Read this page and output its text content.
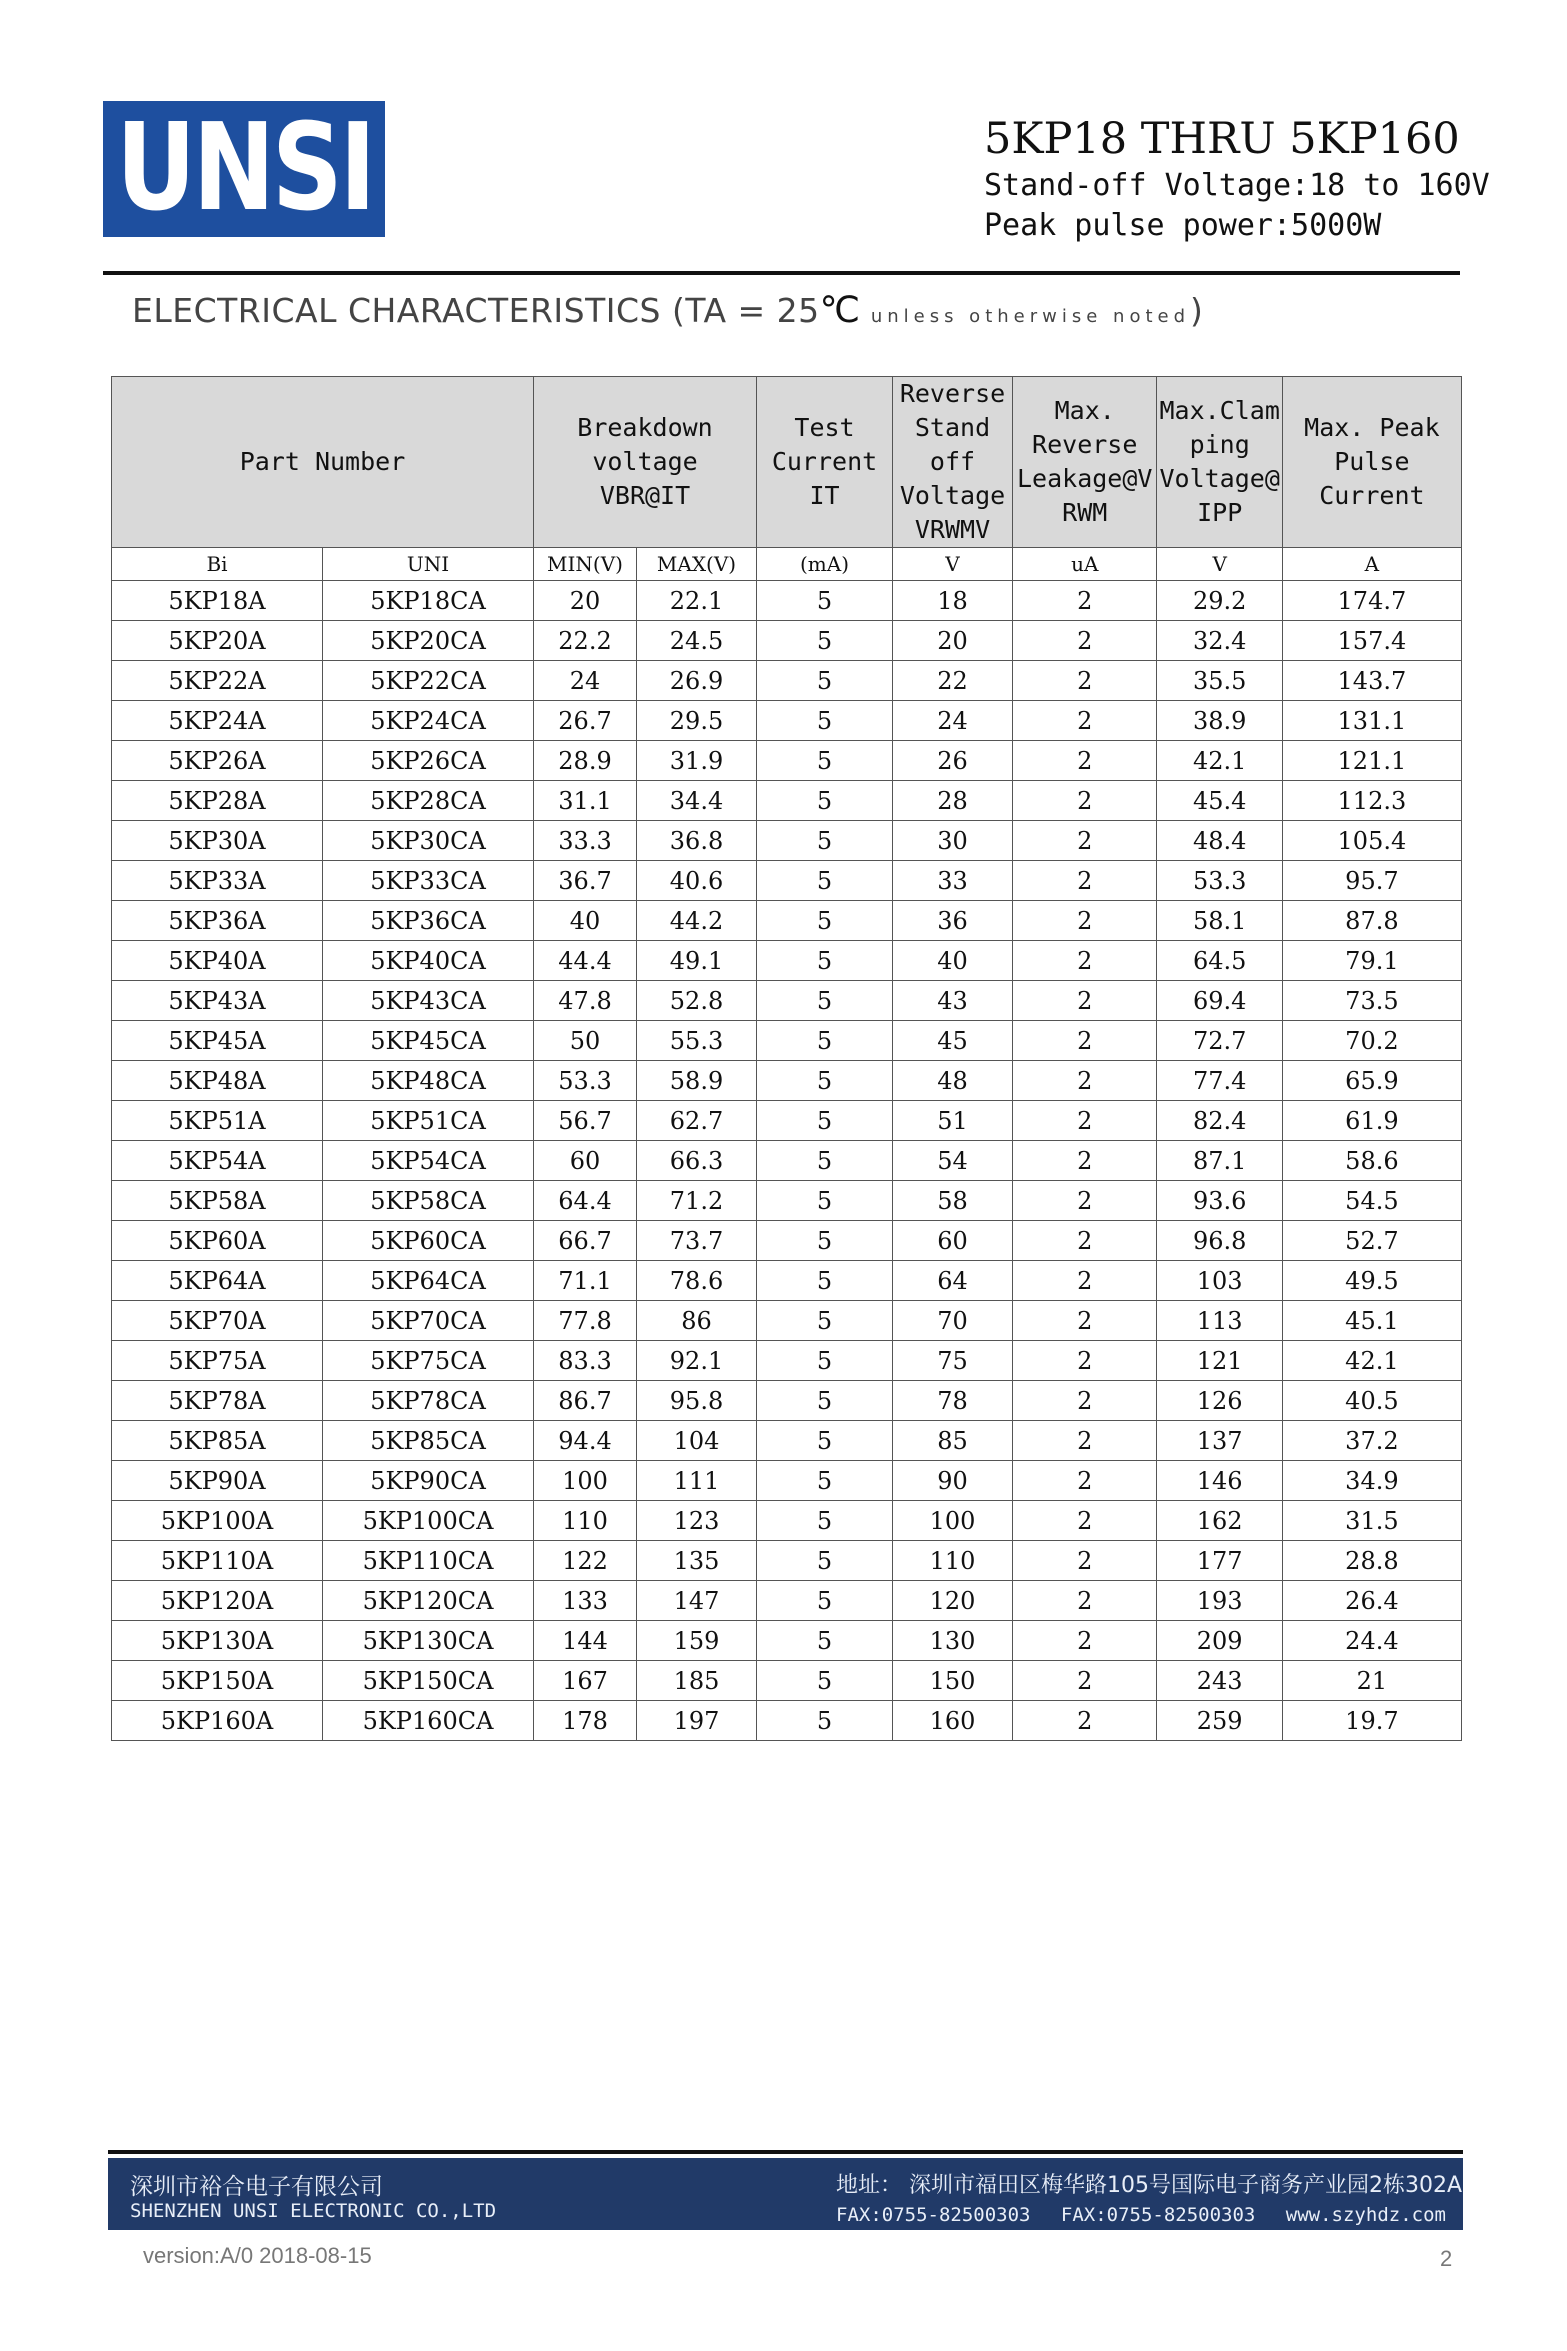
UNSI	5KP18 THRU 5KP160
Stand-off Voltage:18 to 160V
Peak pulse power:5000W
ELECTRICAL CHARACTERISTICS (TA = 25℃ unless otherwise noted)
Part Number		Breakdown voltage VBR@IT		Test Current IT	Reverse Stand off Voltage VRWMV	Max. Reverse Leakage@V RWM	Max.Clam ping Voltage@ IPP	Max. Peak Pulse Current
Bi	UNI	MIN(V)	MAX(V)	(mA)	V	uA	V	A
5KP18A	5KP18CA	20	22.1	5	18	2	29.2	174.7
5KP20A	5KP20CA	22.2	24.5	5	20	2	32.4	157.4
5KP22A	5KP22CA	24	26.9	5	22	2	35.5	143.7
5KP24A	5KP24CA	26.7	29.5	5	24	2	38.9	131.1
5KP26A	5KP26CA	28.9	31.9	5	26	2	42.1	121.1
5KP28A	5KP28CA	31.1	34.4	5	28	2	45.4	112.3
5KP30A	5KP30CA	33.3	36.8	5	30	2	48.4	105.4
5KP33A	5KP33CA	36.7	40.6	5	33	2	53.3	95.7
5KP36A	5KP36CA	40	44.2	5	36	2	58.1	87.8
5KP40A	5KP40CA	44.4	49.1	5	40	2	64.5	79.1
5KP43A	5KP43CA	47.8	52.8	5	43	2	69.4	73.5
5KP45A	5KP45CA	50	55.3	5	45	2	72.7	70.2
5KP48A	5KP48CA	53.3	58.9	5	48	2	77.4	65.9
5KP51A	5KP51CA	56.7	62.7	5	51	2	82.4	61.9
5KP54A	5KP54CA	60	66.3	5	54	2	87.1	58.6
5KP58A	5KP58CA	64.4	71.2	5	58	2	93.6	54.5
5KP60A	5KP60CA	66.7	73.7	5	60	2	96.8	52.7
5KP64A	5KP64CA	71.1	78.6	5	64	2	103	49.5
5KP70A	5KP70CA	77.8	86	5	70	2	113	45.1
5KP75A	5KP75CA	83.3	92.1	5	75	2	121	42.1
5KP78A	5KP78CA	86.7	95.8	5	78	2	126	40.5
5KP85A	5KP85CA	94.4	104	5	85	2	137	37.2
5KP90A	5KP90CA	100	111	5	90	2	146	34.9
5KP100A	5KP100CA	110	123	5	100	2	162	31.5
5KP110A	5KP110CA	122	135	5	110	2	177	28.8
5KP120A	5KP120CA	133	147	5	120	2	193	26.4
5KP130A	5KP130CA	144	159	5	130	2	209	24.4
5KP150A	5KP150CA	167	185	5	150	2	243	21
5KP160A	5KP160CA	178	197	5	160	2	259	19.7
深圳市裕合电子有限公司
SHENZHEN UNSI ELECTRONIC CO.,LTD
地址： 深圳市福田区梅华路105号国际电子商务产业园2栋302A
FAX:0755-82500303　 FAX:0755-82500303　 www.szyhdz.com
version:A/0 2018-08-15	2
